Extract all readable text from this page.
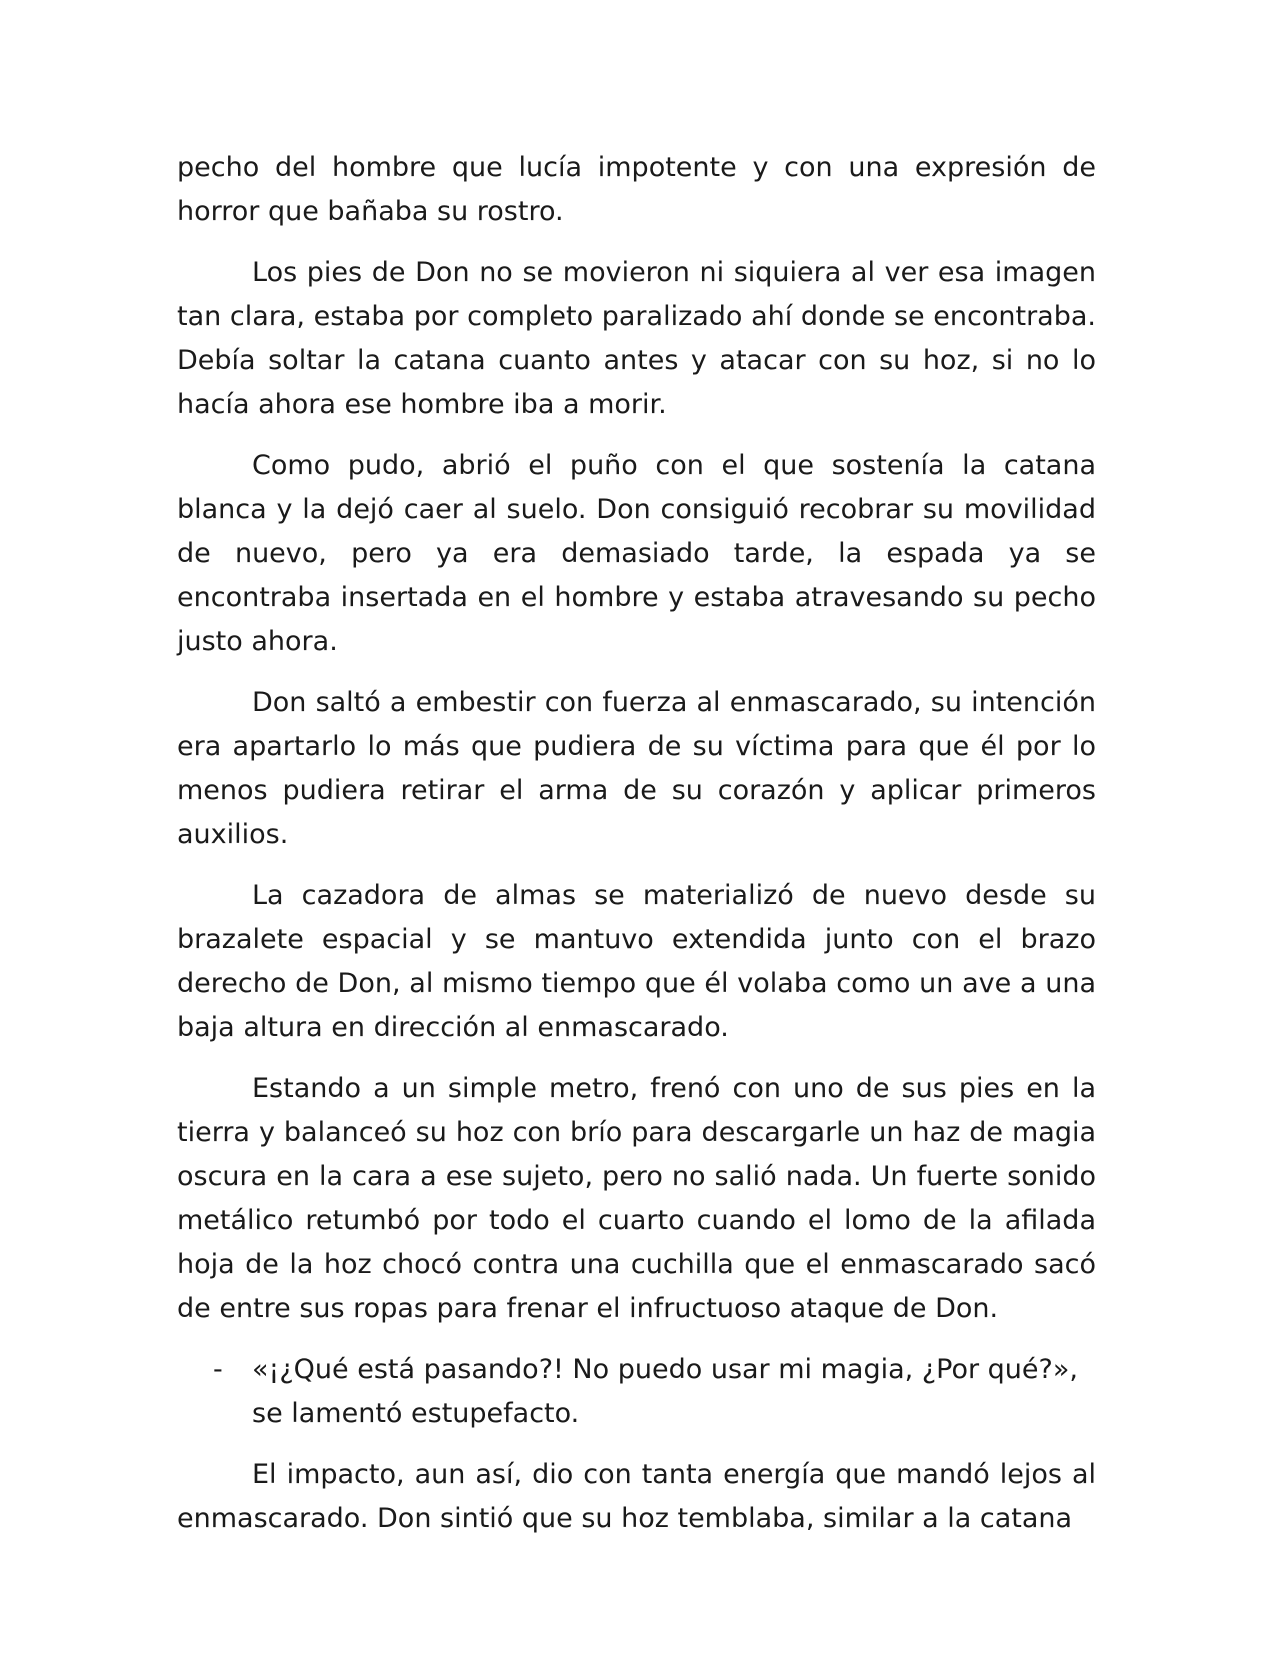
pecho del hombre que lucía impotente y con una expresión de horror que bañaba su rostro.

Los pies de Don no se movieron ni siquiera al ver esa imagen tan clara, estaba por completo paralizado ahí donde se encontraba. Debía soltar la catana cuanto antes y atacar con su hoz, si no lo hacía ahora ese hombre iba a morir.

Como pudo, abrió el puño con el que sostenía la catana blanca y la dejó caer al suelo. Don consiguió recobrar su movilidad de nuevo, pero ya era demasiado tarde, la espada ya se encontraba insertada en el hombre y estaba atravesando su pecho justo ahora.

Don saltó a embestir con fuerza al enmascarado, su intención era apartarlo lo más que pudiera de su víctima para que él por lo menos pudiera retirar el arma de su corazón y aplicar primeros auxilios.

La cazadora de almas se materializó de nuevo desde su brazalete espacial y se mantuvo extendida junto con el brazo derecho de Don, al mismo tiempo que él volaba como un ave a una baja altura en dirección al enmascarado.

Estando a un simple metro, frenó con uno de sus pies en la tierra y balanceó su hoz con brío para descargarle un haz de magia oscura en la cara a ese sujeto, pero no salió nada. Un fuerte sonido metálico retumbó por todo el cuarto cuando el lomo de la afilada hoja de la hoz chocó contra una cuchilla que el enmascarado sacó de entre sus ropas para frenar el infructuoso ataque de Don.

- «¡¿Qué está pasando?! No puedo usar mi magia, ¿Por qué?», se lamentó estupefacto.

El impacto, aun así, dio con tanta energía que mandó lejos al enmascarado. Don sintió que su hoz temblaba, similar a la catana
